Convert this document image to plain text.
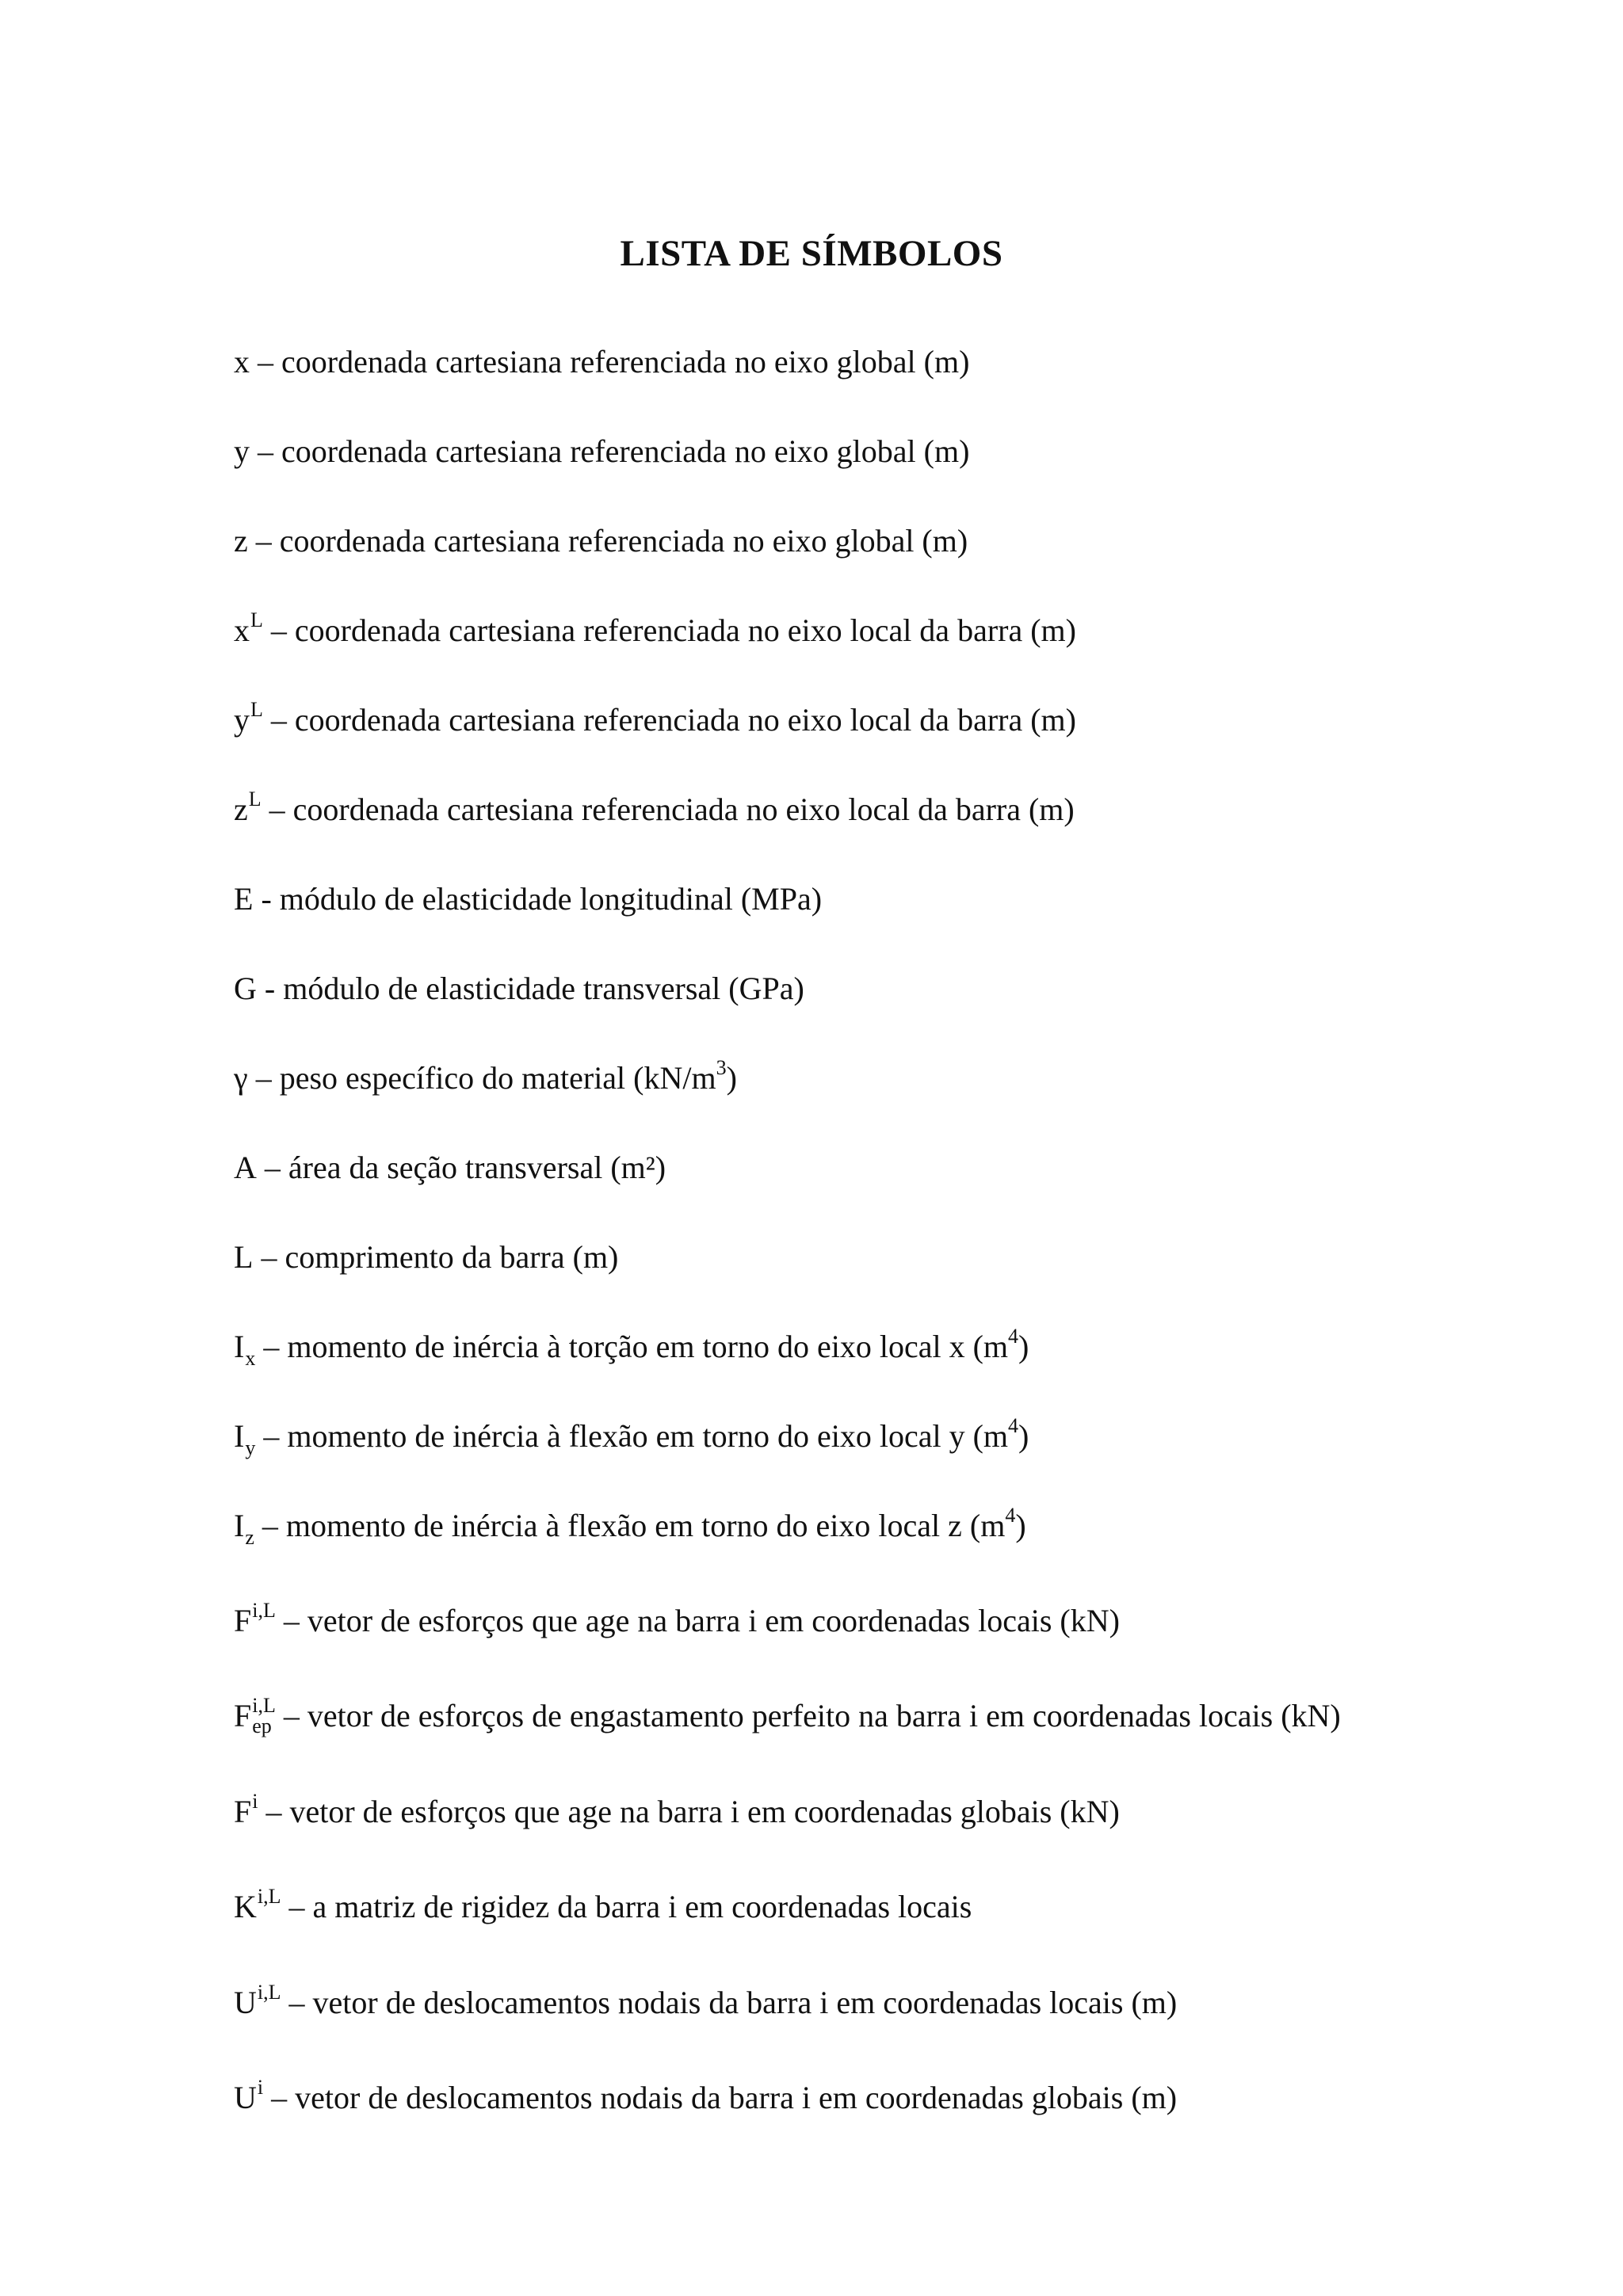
LISTA DE SÍMBOLOS
x – coordenada cartesiana referenciada no eixo global (m)
y – coordenada cartesiana referenciada no eixo global (m)
z – coordenada cartesiana referenciada no eixo global (m)
$x^L$ – coordenada cartesiana referenciada no eixo local da barra (m)
$y^L$ – coordenada cartesiana referenciada no eixo local da barra (m)
$z^L$ – coordenada cartesiana referenciada no eixo local da barra (m)
E - módulo de elasticidade longitudinal (MPa)
G - módulo de elasticidade transversal (GPa)
γ – peso específico do material $(kN/m^3)$
A – área da seção transversal (m²)
L – comprimento da barra (m)
$I_x$ – momento de inércia à torção em torno do eixo local x $(m^4)$
$I_y$ – momento de inércia à flexão em torno do eixo local y $(m^4)$
$I_z$ – momento de inércia à flexão em torno do eixo local z $(m^4)$
$F^{i,L}$ – vetor de esforços que age na barra i em coordenadas locais (kN)
F i,L
ep – vetor de esforços de engastamento perfeito na barra i em coordenadas locais (kN)
$F^i$ – vetor de esforços que age na barra i em coordenadas globais (kN)
$K^{i,L}$ – a matriz de rigidez da barra i em coordenadas locais
$U^{i,L}$ – vetor de deslocamentos nodais da barra i em coordenadas locais (m)
$U^i$ – vetor de deslocamentos nodais da barra i em coordenadas globais (m)
